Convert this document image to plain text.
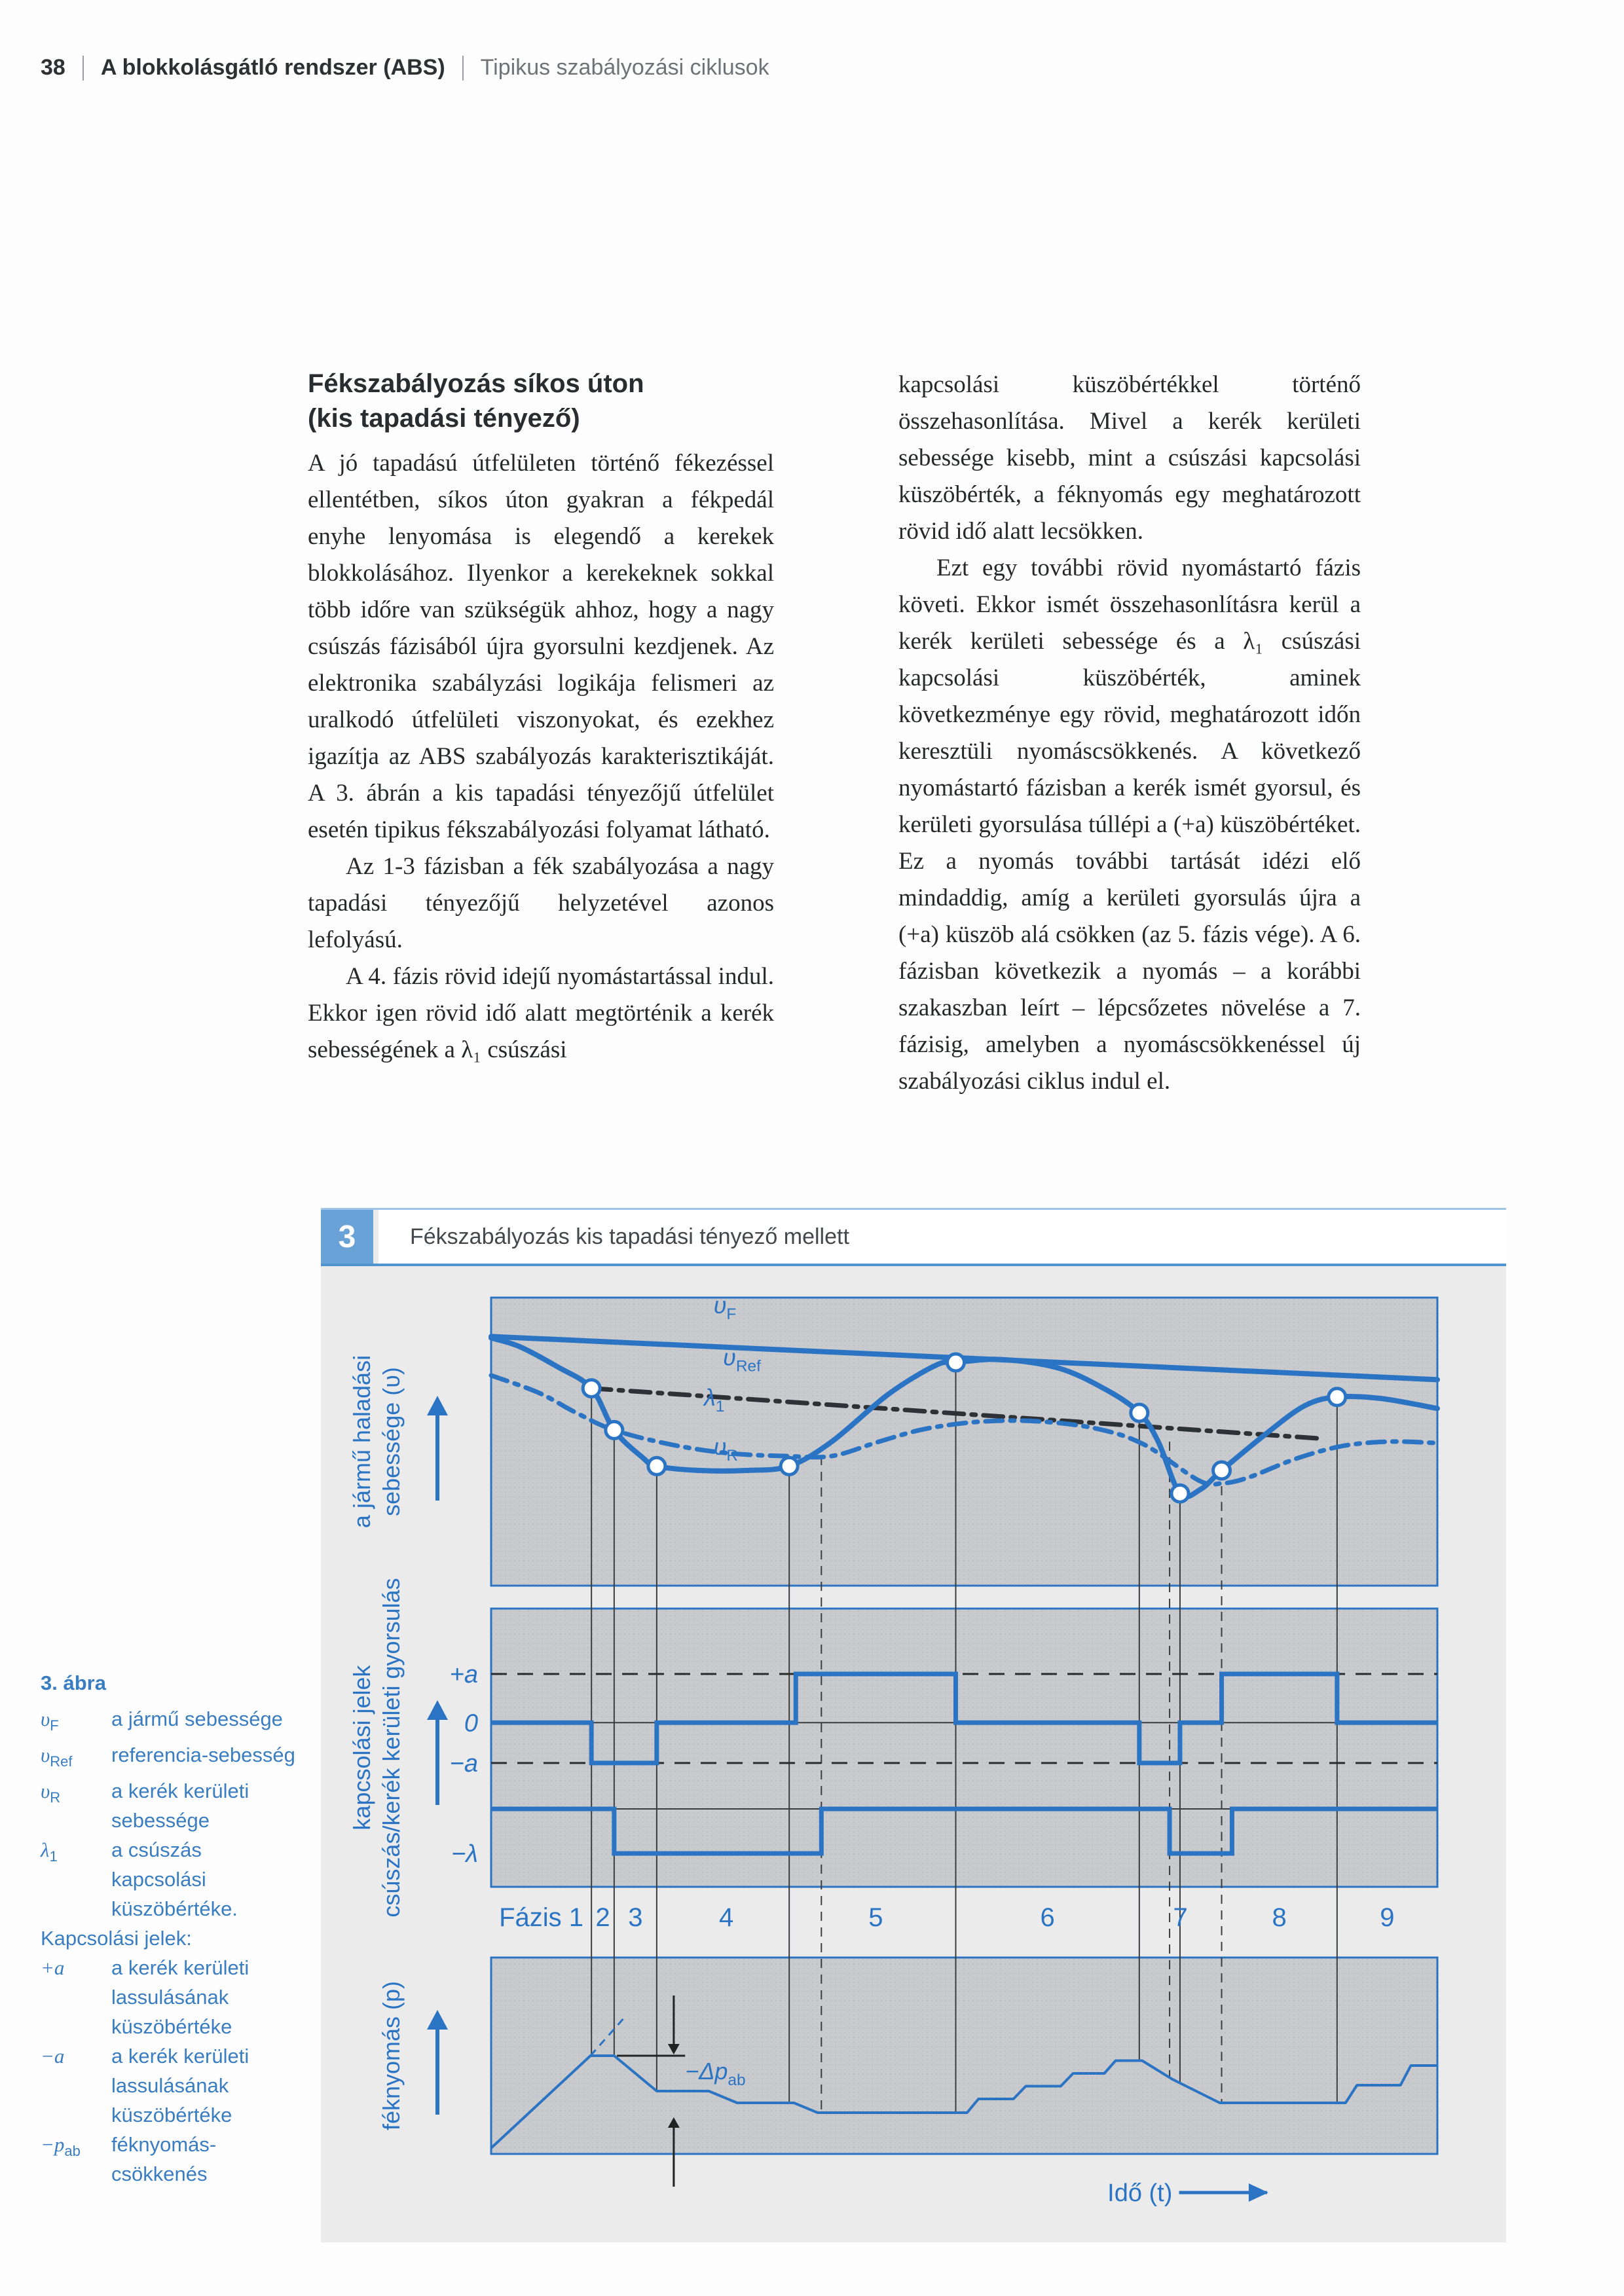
38 A blokkolásgátló rendszer (ABS) Tipikus szabályozási ciklusok
Fékszabályozás síkos úton
(kis tapadási tényező)

A jó tapadású útfelületen történő fékezéssel ellentétben, síkos úton gyakran a fékpedál enyhe lenyomása is elegendő a kerekek blokkolásához. Ilyenkor a kerekeknek sokkal több időre van szükségük ahhoz, hogy a nagy csúszás fázisából újra gyorsulni kezdjenek. Az elektronika szabályzási logikája felismeri az uralkodó útfelületi viszonyokat, és ezekhez igazítja az ABS szabályozás karakterisztikáját. A 3. ábrán a kis tapadási tényezőjű útfelület esetén tipikus fékszabályozási folyamat látható.

Az 1-3 fázisban a fék szabályozása a nagy tapadási tényezőjű helyzetével azonos lefolyású.

A 4. fázis rövid idejű nyomástartással indul. Ekkor igen rövid idő alatt megtörténik a kerék sebességének a λ₁ csúszási

kapcsolási küszöbértékkel történő összehasonlítása. Mivel a kerék kerületi sebessége kisebb, mint a csúszási kapcsolási küszöbérték, a féknyomás egy meghatározott rövid idő alatt lecsökken.

Ezt egy további rövid nyomástartó fázis követi. Ekkor ismét összehasonlításra kerül a kerék kerületi sebessége és a λ₁ csúszási kapcsolási küszöbérték, aminek következménye egy rövid, meghatározott időn keresztüli nyomáscsökkenés. A következő nyomástartó fázisban a kerék ismét gyorsul, és kerületi gyorsulása túllépi a (+a) küszöbértéket. Ez a nyomás további tartását idézi elő mindaddig, amíg a kerületi gyorsulás újra a (+a) küszöb alá csökken (az 5. fázis vége). A 6. fázisban következik a nyomás – a korábbi szakaszban leírt – lépcsőzetes növelése a 7. fázisig, amelyben a nyomáscsökkenéssel új szabályozási ciklus indul el.

3. ábra
$\upsilon_F$	a jármű sebessége
$\upsilon_{Ref}$	referencia-sebesség
$\upsilon_R$	a kerék kerületi sebessége
$\lambda_1$	a csúszás kapcsolási küszöbértéke.
Kapcsolási jelek:
+a	a kerék kerületi lassulásának küszöbértéke
−a	a kerék kerületi lassulásának küszöbértéke
$-p_{ab}$	féknyomás-csökkenés
3	Fékszabályozás kis tapadási tényező mellett
$\upsilon_F$
$\upsilon_{Ref}$
$\lambda_1$
$\upsilon_R$
+a
0
−a
−λ
Fázis 1 2 3	4	5	6	7	8	9
$-\Delta p_{ab}$
Idő (t)
a jármű haladási sebessége (υ)
kapcsolási jelek csúszás/kerék kerületi gyorsulás
féknyomás (p)
